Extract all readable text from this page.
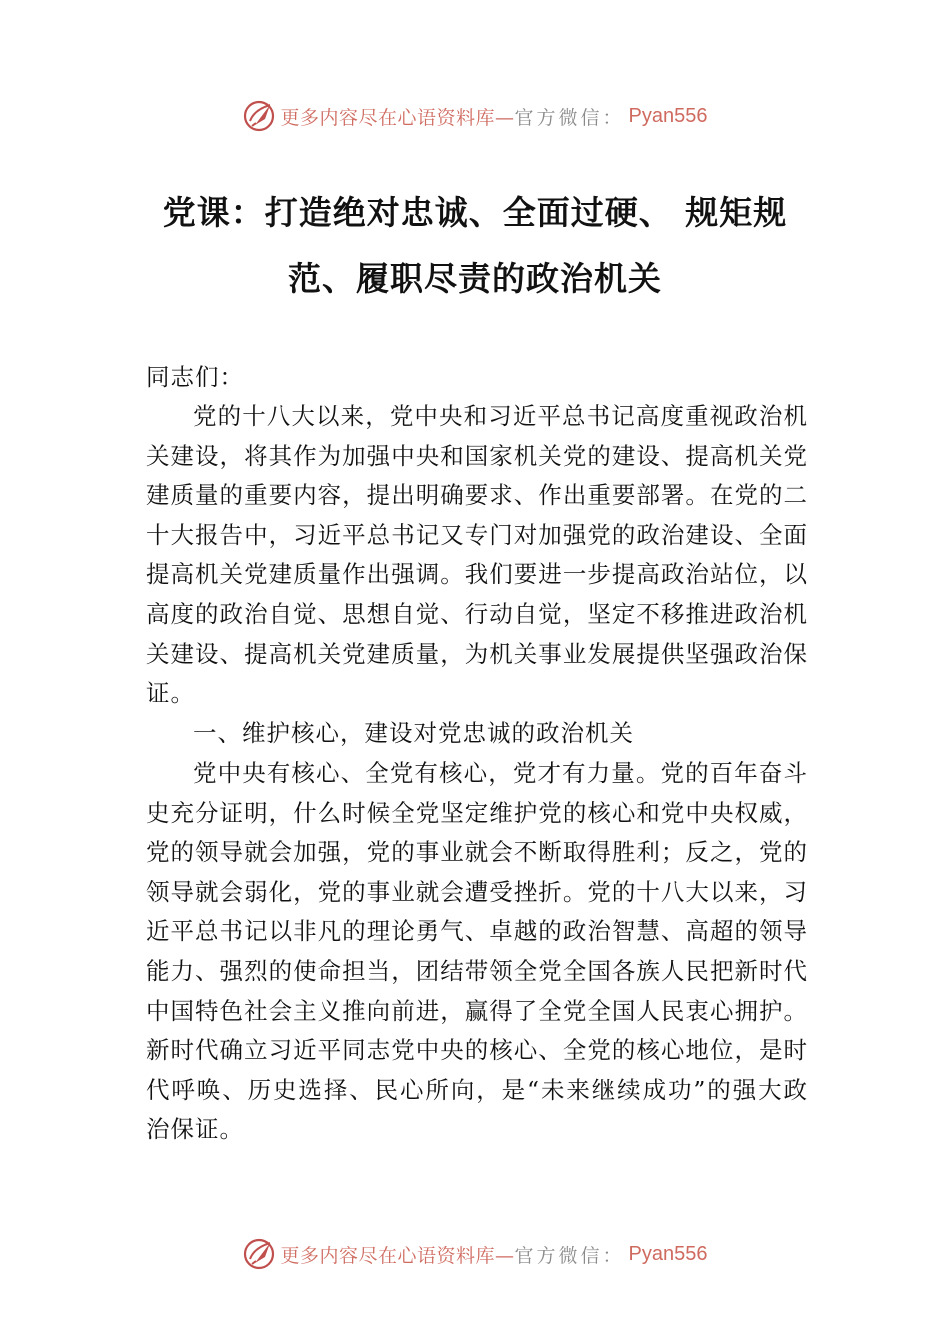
更多内容尽在心语资料库— 官方微信： Pyan556
党课：打造绝对忠诚、全面过硬、 规矩规
范、履职尽责的政治机关
同志们：
党的十八大以来，党中央和习近平总书记高度重视政治机关建设，将其作为加强中央和国家机关党的建设、提高机关党建质量的重要内容，提出明确要求、作出重要部署。在党的二十大报告中，习近平总书记又专门对加强党的政治建设、全面提高机关党建质量作出强调。我们要进一步提高政治站位，以高度的政治自觉、思想自觉、行动自觉，坚定不移推进政治机关建设、提高机关党建质量，为机关事业发展提供坚强政治保证。
一、维护核心，建设对党忠诚的政治机关
党中央有核心、全党有核心，党才有力量。党的百年奋斗史充分证明，什么时候全党坚定维护党的核心和党中央权威，党的领导就会加强，党的事业就会不断取得胜利；反之，党的领导就会弱化，党的事业就会遭受挫折。党的十八大以来，习近平总书记以非凡的理论勇气、卓越的政治智慧、高超的领导能力、强烈的使命担当，团结带领全党全国各族人民把新时代中国特色社会主义推向前进，赢得了全党全国人民衷心拥护。新时代确立习近平同志党中央的核心、全党的核心地位，是时代呼唤、历史选择、民心所向，是“未来继续成功”的强大政治保证。
更多内容尽在心语资料库— 官方微信： Pyan556
